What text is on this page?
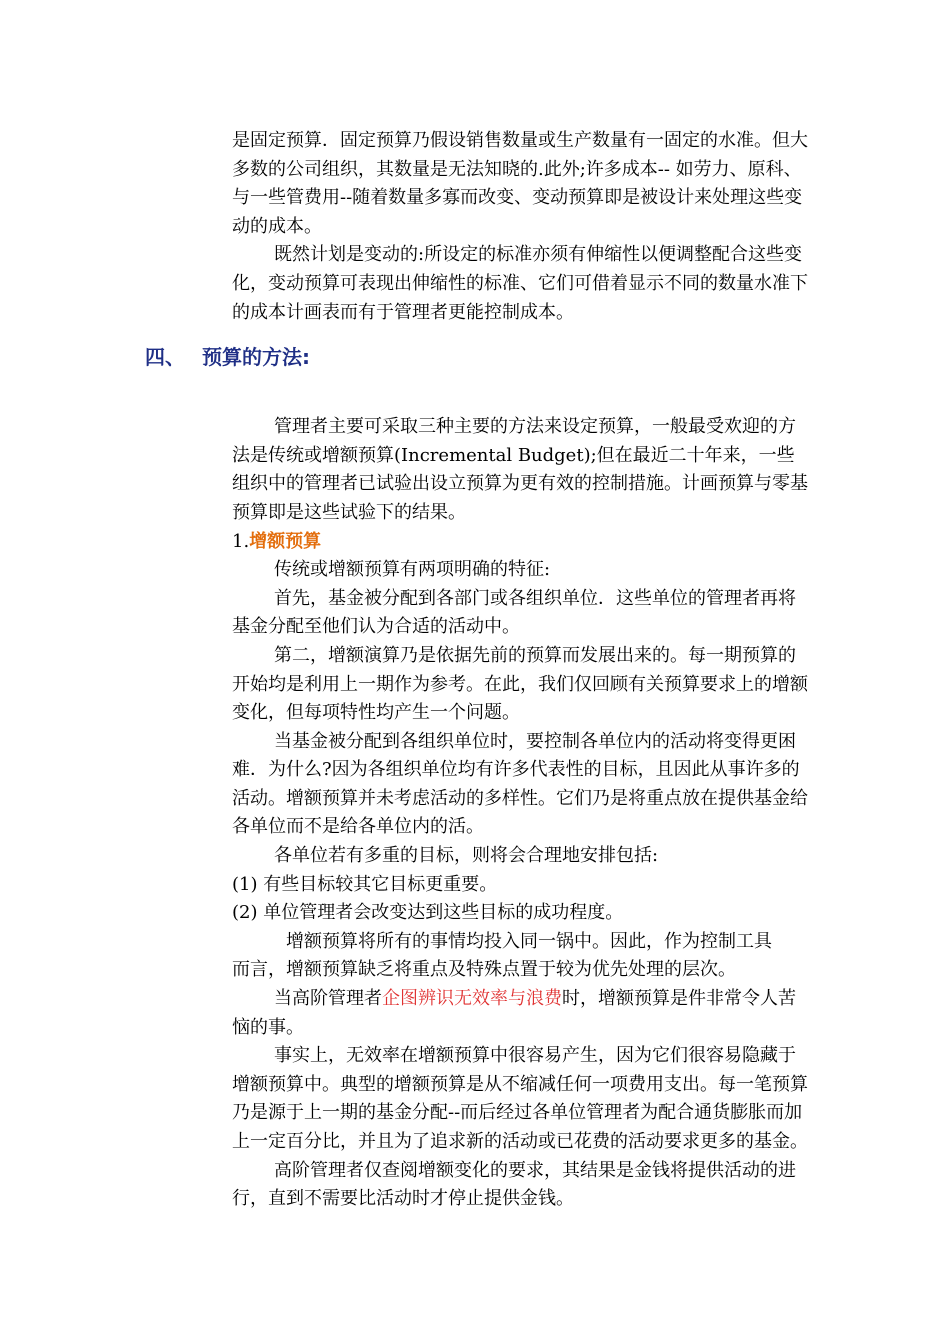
四、 预算的方法:

是固定预算．固定预算乃假设销售数量或生产数量有一固定的水准。但大多数的公司组织，其数量是无法知晓的.此外;许多成本-- 如劳力、原科、与一些管费用--随着数量多寡而改变、变动预算即是被设计来处理这些变动的成本。

既然计划是变动的:所设定的标准亦须有伸缩性以便调整配合这些变化，变动预算可表现出伸缩性的标准、它们可借着显示不同的数量水准下的成本计画表而有于管理者更能控制成本。

管理者主要可采取三种主要的方法来设定预算，一般最受欢迎的方法是传统或增额预算(Incremental Budget);但在最近二十年来，一些组织中的管理者已试验出设立预算为更有效的控制措施。计画预算与零基预算即是这些试验下的结果。

1.增额预算

传统或增额预算有两项明确的特征:

首先，基金被分配到各部门或各组织单位．这些单位的管理者再将基金分配至他们认为合适的活动中。

第二，增额演算乃是依据先前的预算而发展出来的。每一期预算的开始均是利用上一期作为参考。在此，我们仅回顾有关预算要求上的增额变化，但每项特性均产生一个问题。

当基金被分配到各组织单位时，要控制各单位内的活动将变得更困难．为什么?因为各组织单位均有许多代表性的目标，且因此从事许多的活动。增额预算并未考虑活动的多样性。它们乃是将重点放在提供基金给各单位而不是给各单位内的活。

各单位若有多重的目标，则将会合理地安排包括:

(1) 有些目标较其它目标更重要。

(2) 单位管理者会改变达到这些目标的成功程度。

增额预算将所有的事情均投入同一锅中。因此，作为控制工具

而言，增额预算缺乏将重点及特殊点置于较为优先处理的层次。

当高阶管理者企图辨识无效率与浪费时，增额预算是件非常令人苦恼的事。

事实上，无效率在增额预算中很容易产生，因为它们很容易隐藏于增额预算中。典型的增额预算是从不缩减任何一项费用支出。每一笔预算乃是源于上一期的基金分配--而后经过各单位管理者为配合通货膨胀而加上一定百分比，并且为了追求新的活动或已花费的活动要求更多的基金。

高阶管理者仅查阅增额变化的要求，其结果是金钱将提供活动的进行，直到不需要比活动时才停止提供金钱。
